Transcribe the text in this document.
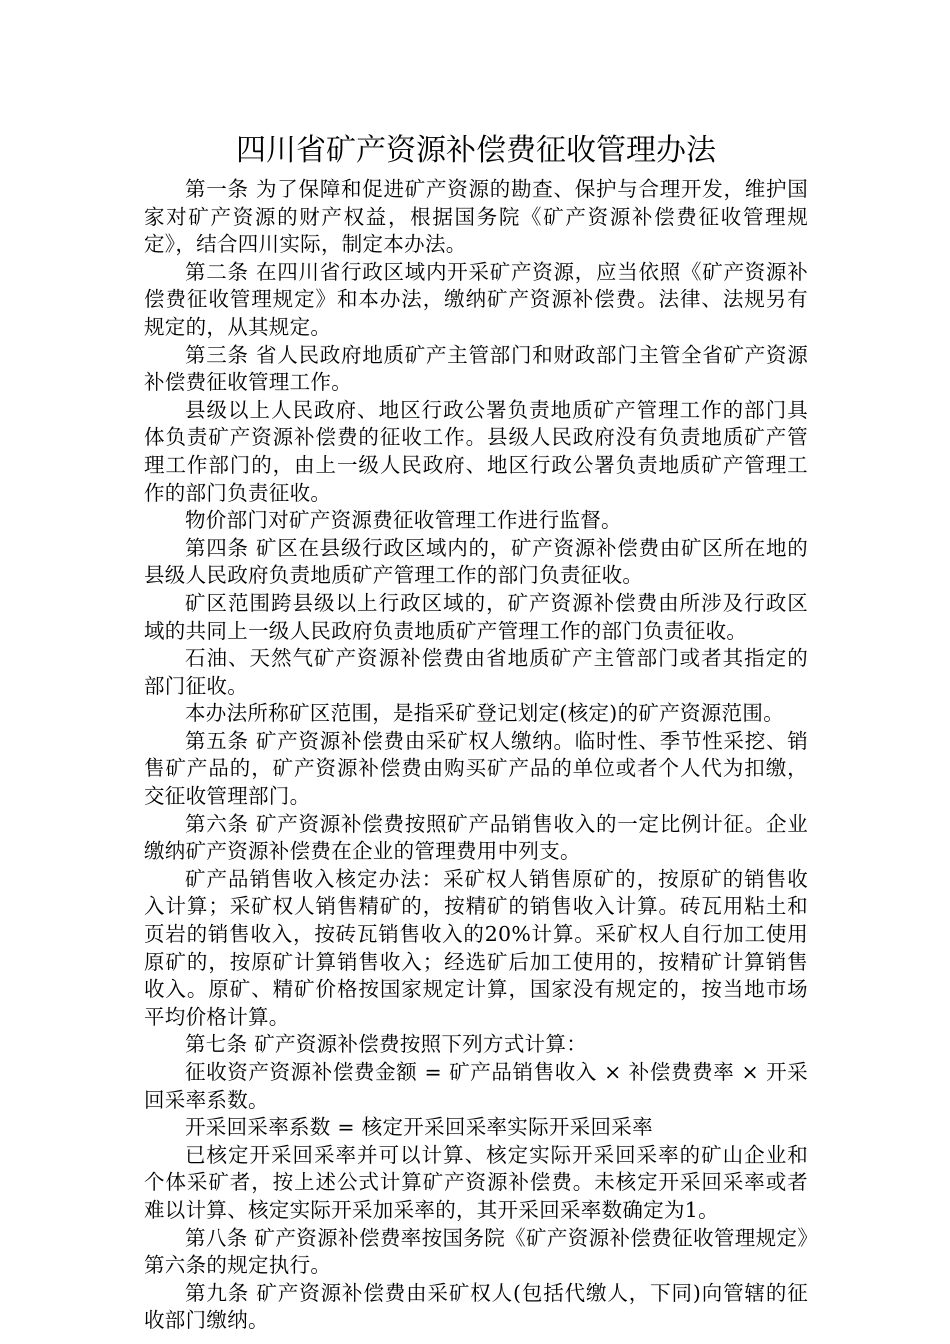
四川省矿产资源补偿费征收管理办法

第一条 为了保障和促进矿产资源的勘查、保护与合理开发，维护国家对矿产资源的财产权益，根据国务院《矿产资源补偿费征收管理规定》，结合四川实际，制定本办法。

第二条 在四川省行政区域内开采矿产资源，应当依照《矿产资源补偿费征收管理规定》和本办法，缴纳矿产资源补偿费。法律、法规另有规定的，从其规定。

第三条 省人民政府地质矿产主管部门和财政部门主管全省矿产资源补偿费征收管理工作。

县级以上人民政府、地区行政公署负责地质矿产管理工作的部门具体负责矿产资源补偿费的征收工作。县级人民政府没有负责地质矿产管理工作部门的，由上一级人民政府、地区行政公署负责地质矿产管理工作的部门负责征收。

物价部门对矿产资源费征收管理工作进行监督。

第四条 矿区在县级行政区域内的，矿产资源补偿费由矿区所在地的县级人民政府负责地质矿产管理工作的部门负责征收。

矿区范围跨县级以上行政区域的，矿产资源补偿费由所涉及行政区域的共同上一级人民政府负责地质矿产管理工作的部门负责征收。

石油、天然气矿产资源补偿费由省地质矿产主管部门或者其指定的部门征收。

本办法所称矿区范围，是指采矿登记划定(核定)的矿产资源范围。

第五条 矿产资源补偿费由采矿权人缴纳。临时性、季节性采挖、销售矿产品的，矿产资源补偿费由购买矿产品的单位或者个人代为扣缴，交征收管理部门。

第六条 矿产资源补偿费按照矿产品销售收入的一定比例计征。企业缴纳矿产资源补偿费在企业的管理费用中列支。

矿产品销售收入核定办法：采矿权人销售原矿的，按原矿的销售收入计算；采矿权人销售精矿的，按精矿的销售收入计算。砖瓦用粘土和页岩的销售收入，按砖瓦销售收入的20%计算。采矿权人自行加工使用原矿的，按原矿计算销售收入；经选矿后加工使用的，按精矿计算销售收入。原矿、精矿价格按国家规定计算，国家没有规定的，按当地市场平均价格计算。

第七条 矿产资源补偿费按照下列方式计算：

征收资产资源补偿费金额 = 矿产品销售收入 × 补偿费费率 × 开采回采率系数。

开采回采率系数 = 核定开采回采率实际开采回采率

已核定开采回采率并可以计算、核定实际开采回采率的矿山企业和个体采矿者，按上述公式计算矿产资源补偿费。未核定开采回采率或者难以计算、核定实际开采加采率的，其开采回采率数确定为1。

第八条 矿产资源补偿费率按国务院《矿产资源补偿费征收管理规定》第六条的规定执行。

第九条 矿产资源补偿费由采矿权人(包括代缴人，下同)向管辖的征收部门缴纳。
